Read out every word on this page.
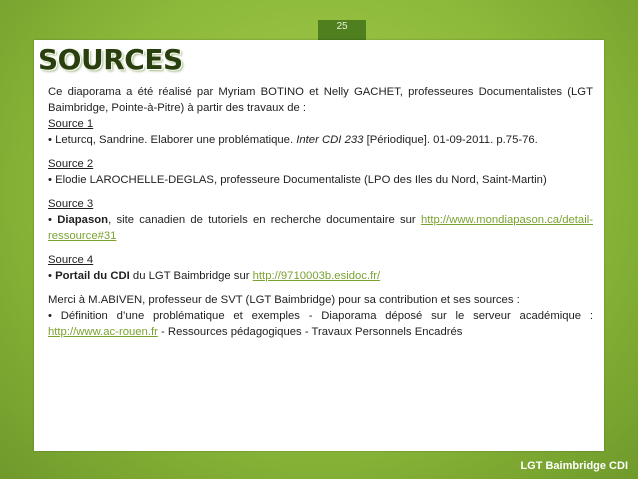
25
SOURCES

Ce diaporama a été réalisé par Myriam BOTINO et Nelly GACHET, professeures Documentalistes (LGT Baimbridge, Pointe-à-Pitre) à partir des travaux de :

Source 1

• Leturcq, Sandrine. Elaborer une problématique. Inter CDI 233 [Périodique]. 01-09-2011. p.75-76.

Source 2

• Elodie LAROCHELLE-DEGLAS, professeure Documentaliste (LPO des Iles du Nord, Saint-Martin)

Source 3

• Diapason, site canadien de tutoriels en recherche documentaire sur http://www.mondiapason.ca/detail-ressource#31

Source 4

• Portail du CDI du LGT Baimbridge sur http://9710003b.esidoc.fr/

Merci à M.ABIVEN, professeur de SVT (LGT Baimbridge) pour sa contribution et ses sources :

• Définition d’une problématique et exemples - Diaporama déposé sur le serveur académique : http://www.ac-rouen.fr - Ressources pédagogiques - Travaux Personnels Encadrés

LGT Baimbridge CDI
